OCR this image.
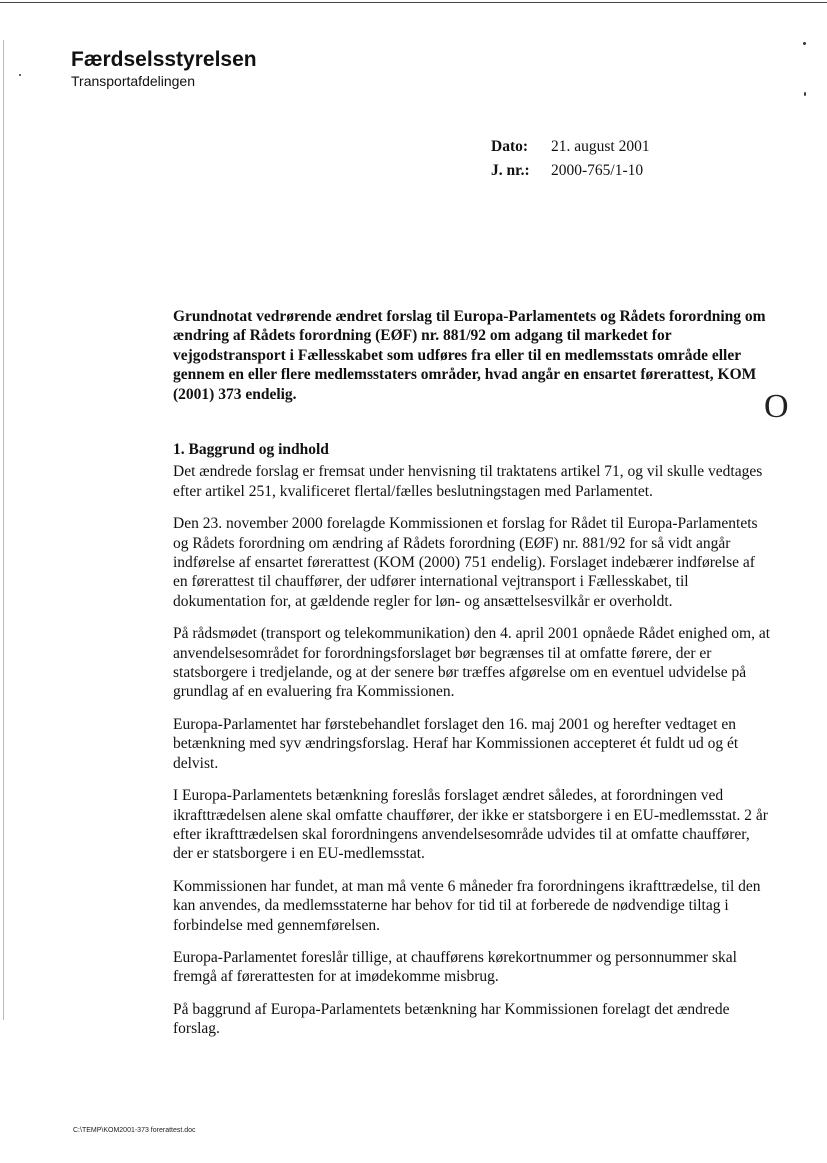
Færdselsstyrelsen
Transportafdelingen
Dato:	21. august 2001
J. nr.:	2000-765/1-10
Grundnotat vedrørende ændret forslag til Europa-Parlamentets og Rådets forordning om ændring af Rådets forordning (EØF) nr. 881/92 om adgang til markedet for vejgodstransport i Fællesskabet som udføres fra eller til en medlemsstats område eller gennem en eller flere medlemsstaters områder, hvad angår en ensartet førerattest, KOM (2001) 373 endelig.	O
1. Baggrund og indhold

Det ændrede forslag er fremsat under henvisning til traktatens artikel 71, og vil skulle vedtages efter artikel 251, kvalificeret flertal/fælles beslutningstagen med Parlamentet.

Den 23. november 2000 forelagde Kommissionen et forslag for Rådet til Europa-Parlamentets og Rådets forordning om ændring af Rådets forordning (EØF) nr. 881/92 for så vidt angår indførelse af ensartet førerattest (KOM (2000) 751 endelig). Forslaget indebærer indførelse af en førerattest til chauffører, der udfører international vejtransport i Fællesskabet, til dokumentation for, at gældende regler for løn- og ansættelsesvilkår er overholdt.

På rådsmødet (transport og telekommunikation) den 4. april 2001 opnåede Rådet enighed om, at anvendelsesområdet for forordningsforslaget bør begrænses til at omfatte førere, der er statsborgere i tredjelande, og at der senere bør træffes afgørelse om en eventuel udvidelse på grundlag af en evaluering fra Kommissionen.

Europa-Parlamentet har førstebehandlet forslaget den 16. maj 2001 og herefter vedtaget en betænkning med syv ændringsforslag. Heraf har Kommissionen accepteret ét fuldt ud og ét delvist.

I Europa-Parlamentets betænkning foreslås forslaget ændret således, at forordningen ved ikrafttrædelsen alene skal omfatte chauffører, der ikke er statsborgere i en EU-medlemsstat. 2 år efter ikrafttrædelsen skal forordningens anvendelsesområde udvides til at omfatte chauffører, der er statsborgere i en EU-medlemsstat.

Kommissionen har fundet, at man må vente 6 måneder fra forordningens ikrafttrædelse, til den kan anvendes, da medlemsstaterne har behov for tid til at forberede de nødvendige tiltag i forbindelse med gennemførelsen.

Europa-Parlamentet foreslår tillige, at chaufførens kørekortnummer og personnummer skal fremgå af førerattesten for at imødekomme misbrug.

På baggrund af Europa-Parlamentets betænkning har Kommissionen forelagt det ændrede forslag.

C:\TEMP\KOM2001-373 forerattest.doc
